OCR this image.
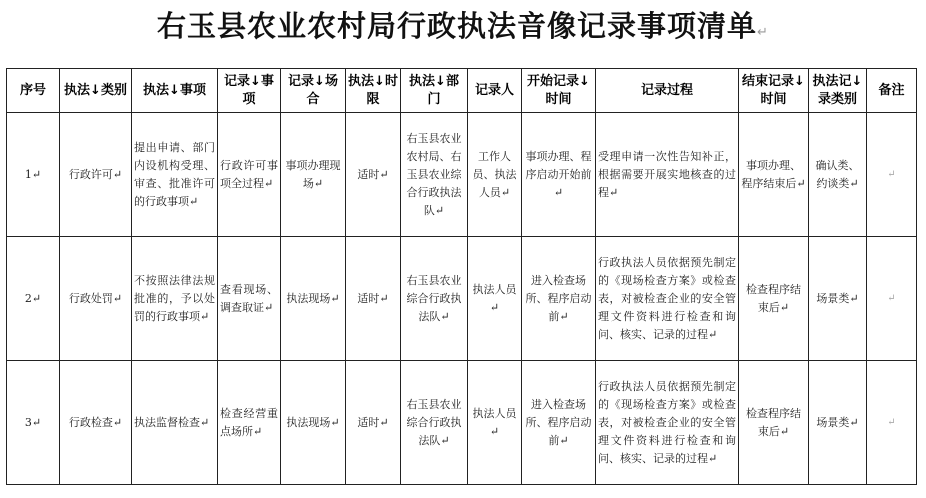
右玉县农业农村局行政执法音像记录事项清单↵
序号	执法↓类别	执法↓事项	记录↓事项	记录↓场合	执法↓时限	执法↓部门	记录人	开始记录↓时间	记录过程	结束记录↓时间	执法记↓录类别	备注
1↵	行政许可↵	提出申请、部门内设机构受理、审查、批准许可的行政事项↵	行政许可事项全过程↵	事项办理现场↵	适时↵	右玉县农业农村局、右玉县农业综合行政执法队↵	工作人员、执法人员↵	事项办理、程序启动开始前↵	受理申请一次性告知补正，根据需要开展实地核查的过程↵	事项办理、程序结束后↵	确认类、约谈类↵	↵
2↵	行政处罚↵	不按照法律法规批准的，予以处罚的行政事项↵	查看现场、调查取证↵	执法现场↵	适时↵	右玉县农业综合行政执法队↵	执法人员↵	进入检查场所、程序启动前↵	行政执法人员依据预先制定的《现场检查方案》或检查表，对被检查企业的安全管理文件资料进行检查和询问、核实、记录的过程↵	检查程序结束后↵	场景类↵	↵
3↵	行政检查↵	执法监督检查↵	检查经营重点场所↵	执法现场↵	适时↵	右玉县农业综合行政执法队↵	执法人员↵	进入检查场所、程序启动前↵	行政执法人员依据预先制定的《现场检查方案》或检查表，对被检查企业的安全管理文件资料进行检查和询问、核实、记录的过程↵	检查程序结束后↵	场景类↵	↵
